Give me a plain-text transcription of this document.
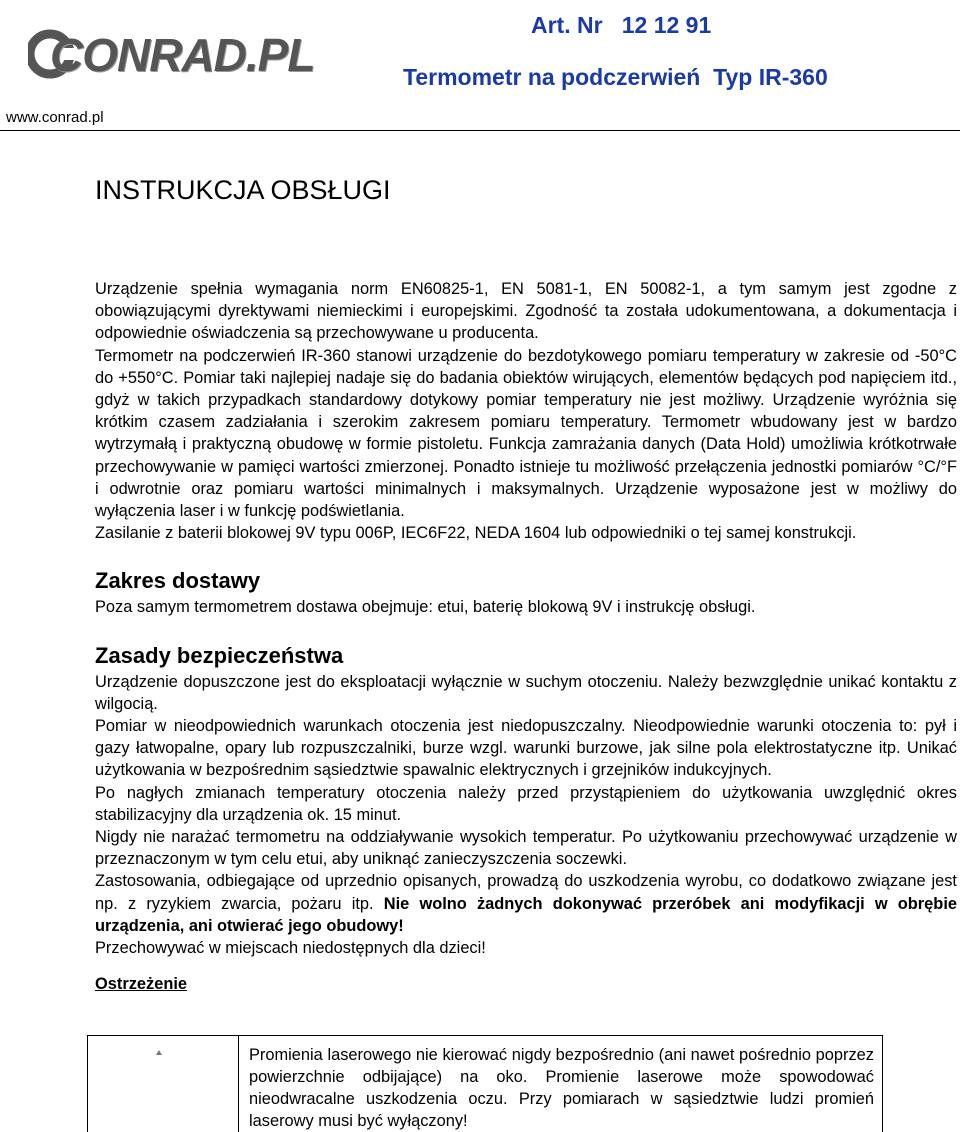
CONRAD.PL
www.conrad.pl
Art. Nr   12 12 91
Termometr na podczerwień  Typ IR-360
INSTRUKCJA OBSŁUGI

Urządzenie spełnia wymagania norm EN60825-1, EN 5081-1, EN 50082-1, a tym samym jest zgodne z obowiązującymi dyrektywami niemieckimi i europejskimi. Zgodność ta została udokumentowana, a dokumentacja i odpowiednie oświadczenia są przechowywane u producenta.

Termometr na podczerwień IR-360 stanowi urządzenie do bezdotykowego pomiaru temperatury w zakresie od -50°C do +550°C. Pomiar taki najlepiej nadaje się do badania obiektów wirujących, elementów będących pod napięciem itd., gdyż w takich przypadkach standardowy dotykowy pomiar temperatury nie jest możliwy. Urządzenie wyróżnia się krótkim czasem zadziałania i szerokim zakresem pomiaru temperatury. Termometr wbudowany jest w bardzo wytrzymałą i praktyczną obudowę w formie pistoletu. Funkcja zamrażania danych (Data Hold) umożliwia krótkotrwałe przechowywanie w pamięci wartości zmierzonej. Ponadto istnieje tu możliwość przełączenia jednostki pomiarów °C/°F i odwrotnie oraz pomiaru wartości minimalnych i maksymalnych. Urządzenie wyposażone jest w możliwy do wyłączenia laser i w funkcję podświetlania.

Zasilanie z baterii blokowej 9V typu 006P, IEC6F22, NEDA 1604 lub odpowiedniki o tej samej konstrukcji.

Zakres dostawy

Poza samym termometrem dostawa obejmuje: etui, baterię blokową 9V i instrukcję obsługi.

Zasady bezpieczeństwa

Urządzenie dopuszczone jest do eksploatacji wyłącznie w suchym otoczeniu. Należy bezwzględnie unikać kontaktu z wilgocią.

Pomiar w nieodpowiednich warunkach otoczenia jest niedopuszczalny. Nieodpowiednie warunki otoczenia to: pył i gazy łatwopalne, opary lub rozpuszczalniki, burze wzgl. warunki burzowe, jak silne pola elektrostatyczne itp. Unikać użytkowania w bezpośrednim sąsiedztwie spawalnic elektrycznych i grzejników indukcyjnych.

Po nagłych zmianach temperatury otoczenia należy przed przystąpieniem do użytkowania uwzględnić okres stabilizacyjny dla urządzenia ok. 15 minut.

Nigdy nie narażać termometru na oddziaływanie wysokich temperatur. Po użytkowaniu przechowywać urządzenie w przeznaczonym w tym celu etui, aby uniknąć zanieczyszczenia soczewki.

Zastosowania, odbiegające od uprzednio opisanych, prowadzą do uszkodzenia wyrobu, co dodatkowo związane jest np. z ryzykiem zwarcia, pożaru itp. Nie wolno żadnych dokonywać przeróbek ani modyfikacji w obrębie urządzenia, ani otwierać jego obudowy!

Przechowywać w miejscach niedostępnych dla dzieci!

Ostrzeżenie

Promienia laserowego nie kierować nigdy bezpośrednio (ani nawet pośrednio poprzez powierzchnie odbijające) na oko. Promienie laserowe może spowodować nieodwracalne uszkodzenia oczu. Przy pomiarach w sąsiedztwie ludzi promień laserowy musi być wyłączony!
